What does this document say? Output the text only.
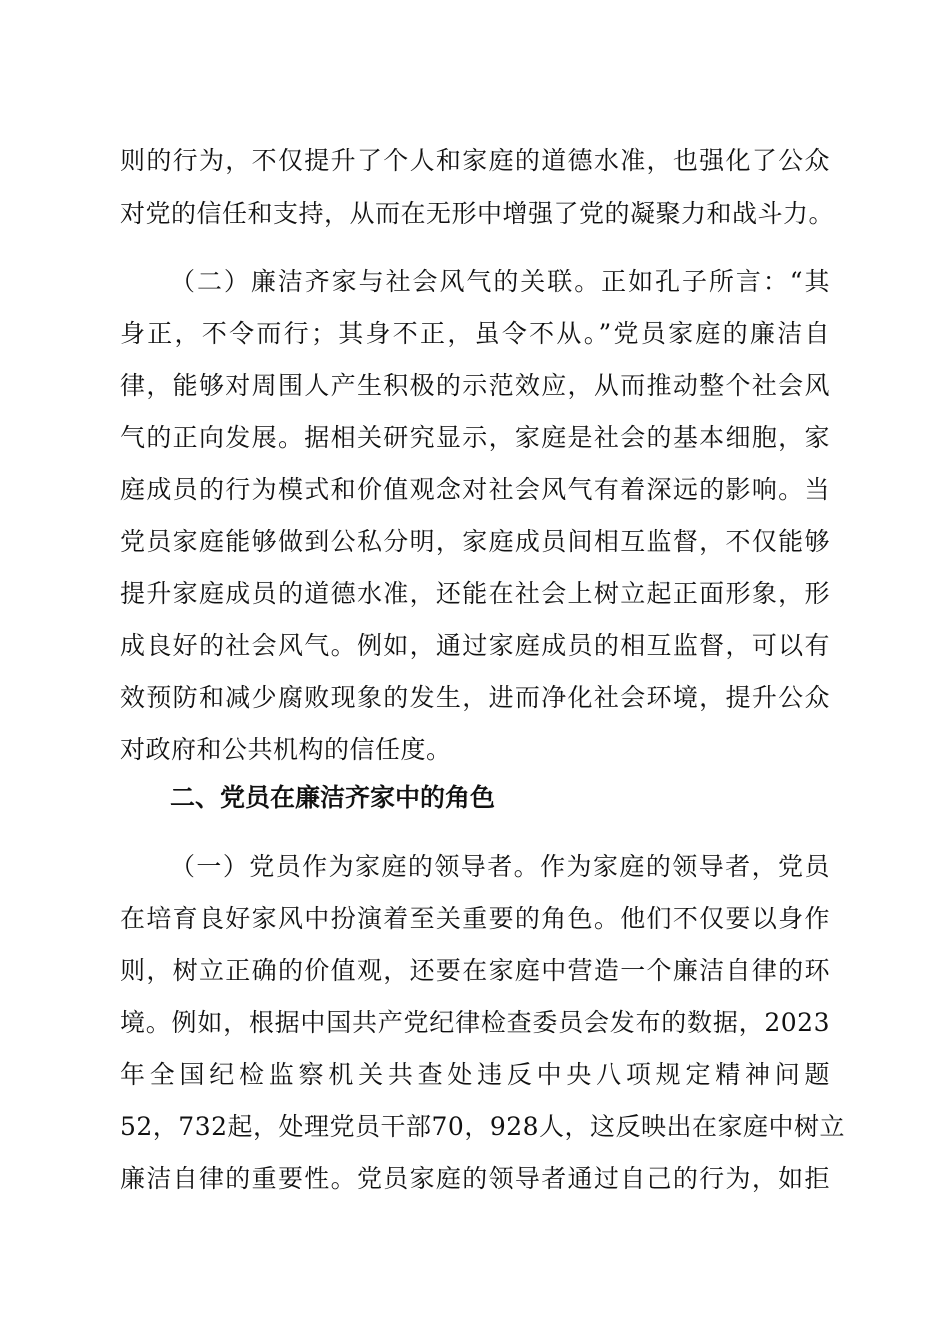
则的行为，不仅提升了个人和家庭的道德水准，也强化了公众
对党的信任和支持，从而在无形中增强了党的凝聚力和战斗力。
（二）廉洁齐家与社会风气的关联。正如孔子所言：“其
身正，不令而行；其身不正，虽令不从。”党员家庭的廉洁自
律，能够对周围人产生积极的示范效应，从而推动整个社会风
气的正向发展。据相关研究显示，家庭是社会的基本细胞，家
庭成员的行为模式和价值观念对社会风气有着深远的影响。当
党员家庭能够做到公私分明，家庭成员间相互监督，不仅能够
提升家庭成员的道德水准，还能在社会上树立起正面形象，形
成良好的社会风气。例如，通过家庭成员的相互监督，可以有
效预防和减少腐败现象的发生，进而净化社会环境，提升公众
对政府和公共机构的信任度。
二、党员在廉洁齐家中的角色
（一）党员作为家庭的领导者。作为家庭的领导者，党员
在培育良好家风中扮演着至关重要的角色。他们不仅要以身作
则，树立正确的价值观，还要在家庭中营造一个廉洁自律的环
境。例如，根据中国共产党纪律检查委员会发布的数据，2023
年全国纪检监察机关共查处违反中央八项规定精神问题
52，732起，处理党员干部70，928人，这反映出在家庭中树立
廉洁自律的重要性。党员家庭的领导者通过自己的行为，如拒
